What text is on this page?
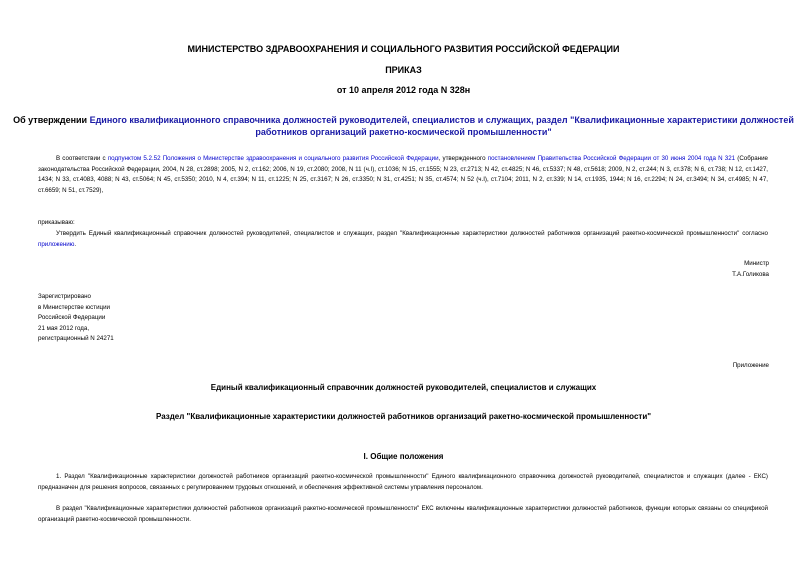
МИНИСТЕРСТВО ЗДРАВООХРАНЕНИЯ И СОЦИАЛЬНОГО РАЗВИТИЯ РОССИЙСКОЙ ФЕДЕРАЦИИ
ПРИКАЗ
от 10 апреля 2012 года N 328н
Об утверждении Единого квалификационного справочника должностей руководителей, специалистов и служащих, раздел "Квалификационные характеристики должностей работников организаций ракетно-космической промышленности"
В соответствии с подпунктом 5.2.52 Положения о Министерстве здравоохранения и социального развития Российской Федерации, утвержденного постановлением Правительства Российской Федерации от 30 июня 2004 года N 321 (Собрание законодательства Российской Федерации, 2004, N 28, ст.2898; 2005, N 2, ст.162; 2006, N 19, ст.2080; 2008, N 11 (ч.I), ст.1036; N 15, ст.1555; N 23, ст.2713; N 42, ст.4825; N 46, ст.5337; N 48, ст.5618; 2009, N 2, ст.244; N 3, ст.378; N 6, ст.738; N 12, ст.1427, 1434; N 33, ст.4083, 4088; N 43, ст.5064; N 45, ст.5350; 2010, N 4, ст.394; N 11, ст.1225; N 25, ст.3167; N 26, ст.3350; N 31, ст.4251; N 35, ст.4574; N 52 (ч.I), ст.7104; 2011, N 2, ст.339; N 14, ст.1935, 1944; N 16, ст.2294; N 24, ст.3494; N 34, ст.4985; N 47, ст.6659; N 51, ст.7529),
приказываю:
Утвердить Единый квалификационный справочник должностей руководителей, специалистов и служащих, раздел "Квалификационные характеристики должностей работников организаций ракетно-космической промышленности" согласно приложению.
Министр
Т.А.Голикова
Зарегистрировано
в Министерстве юстиции
Российской Федерации
21 мая 2012 года,
регистрационный N 24271
Приложение
Единый квалификационный справочник должностей руководителей, специалистов и служащих
Раздел "Квалификационные характеристики должностей работников организаций ракетно-космической промышленности"
I. Общие положения
1. Раздел "Квалификационные характеристики должностей работников организаций ракетно-космической промышленности" Единого квалификационного справочника должностей руководителей, специалистов и служащих (далее - ЕКС) предназначен для решения вопросов, связанных с регулированием трудовых отношений, и обеспечения эффективной системы управления персоналом.
В раздел "Квалификационные характеристики должностей работников организаций ракетно-космической промышленности" ЕКС включены квалификационные характеристики должностей работников, функции которых связаны со спецификой организаций ракетно-космической промышленности.
